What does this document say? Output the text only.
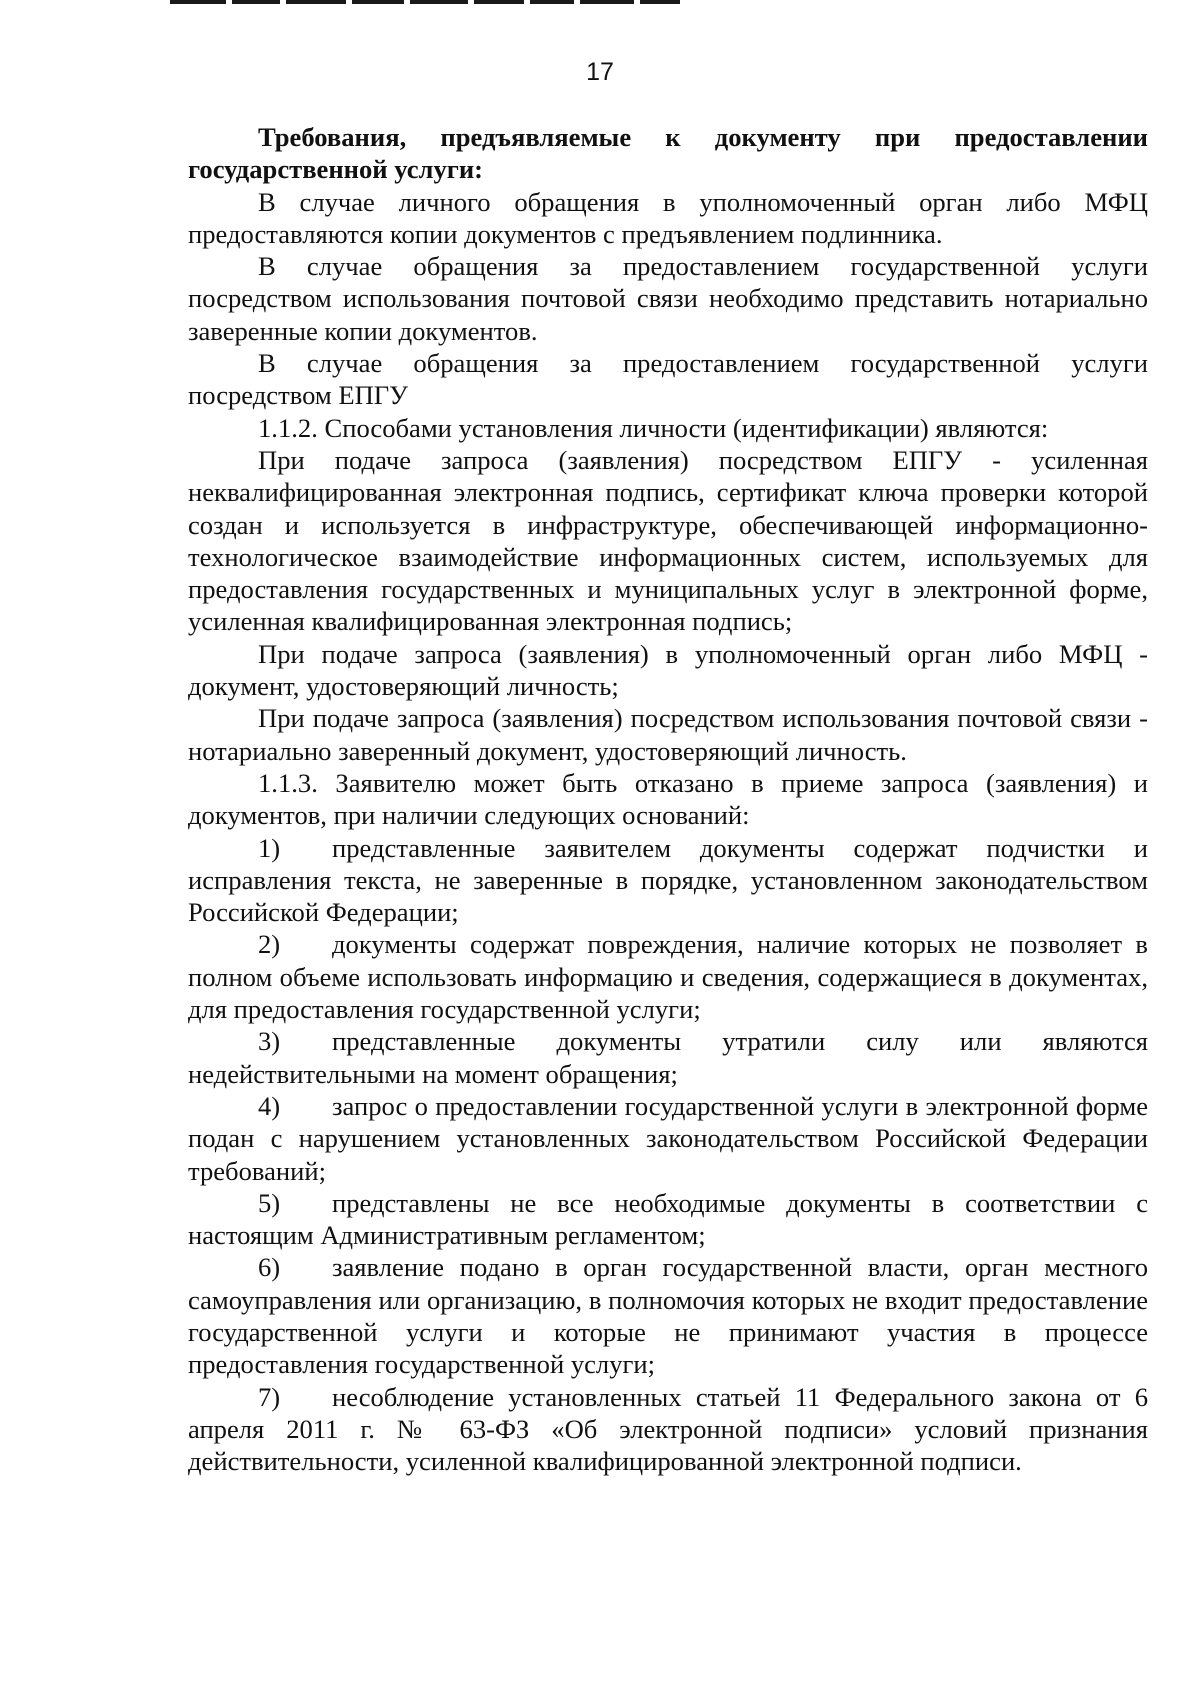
17

Требования, предъявляемые к документу при предоставлении государственной услуги:

В случае личного обращения в уполномоченный орган либо МФЦ предоставляются копии документов с предъявлением подлинника.

В случае обращения за предоставлением государственной услуги посредством использования почтовой связи необходимо представить нотариально заверенные копии документов.

В случае обращения за предоставлением государственной услуги посредством ЕПГУ

1.1.2. Способами установления личности (идентификации) являются:

При подаче запроса (заявления) посредством ЕПГУ - усиленная неквалифицированная электронная подпись, сертификат ключа проверки которой создан и используется в инфраструктуре, обеспечивающей информационно-технологическое взаимодействие информационных систем, используемых для предоставления государственных и муниципальных услуг в электронной форме, усиленная квалифицированная электронная подпись;

При подаче запроса (заявления) в уполномоченный орган либо МФЦ - документ, удостоверяющий личность;

При подаче запроса (заявления) посредством использования почтовой связи - нотариально заверенный документ, удостоверяющий личность.

1.1.3. Заявителю может быть отказано в приеме запроса (заявления) и документов, при наличии следующих оснований:

1) представленные заявителем документы содержат подчистки и исправления текста, не заверенные в порядке, установленном законодательством Российской Федерации;

2) документы содержат повреждения, наличие которых не позволяет в полном объеме использовать информацию и сведения, содержащиеся в документах, для предоставления государственной услуги;

3) представленные документы утратили силу или являются недействительными на момент обращения;

4) запрос о предоставлении государственной услуги в электронной форме подан с нарушением установленных законодательством Российской Федерации требований;

5) представлены не все необходимые документы в соответствии с настоящим Административным регламентом;

6) заявление подано в орган государственной власти, орган местного самоуправления или организацию, в полномочия которых не входит предоставление государственной услуги и которые не принимают участия в процессе предоставления государственной услуги;

7) несоблюдение установленных статьей 11 Федерального закона от 6 апреля 2011 г. № 63-ФЗ «Об электронной подписи» условий признания действительности, усиленной квалифицированной электронной подписи.
